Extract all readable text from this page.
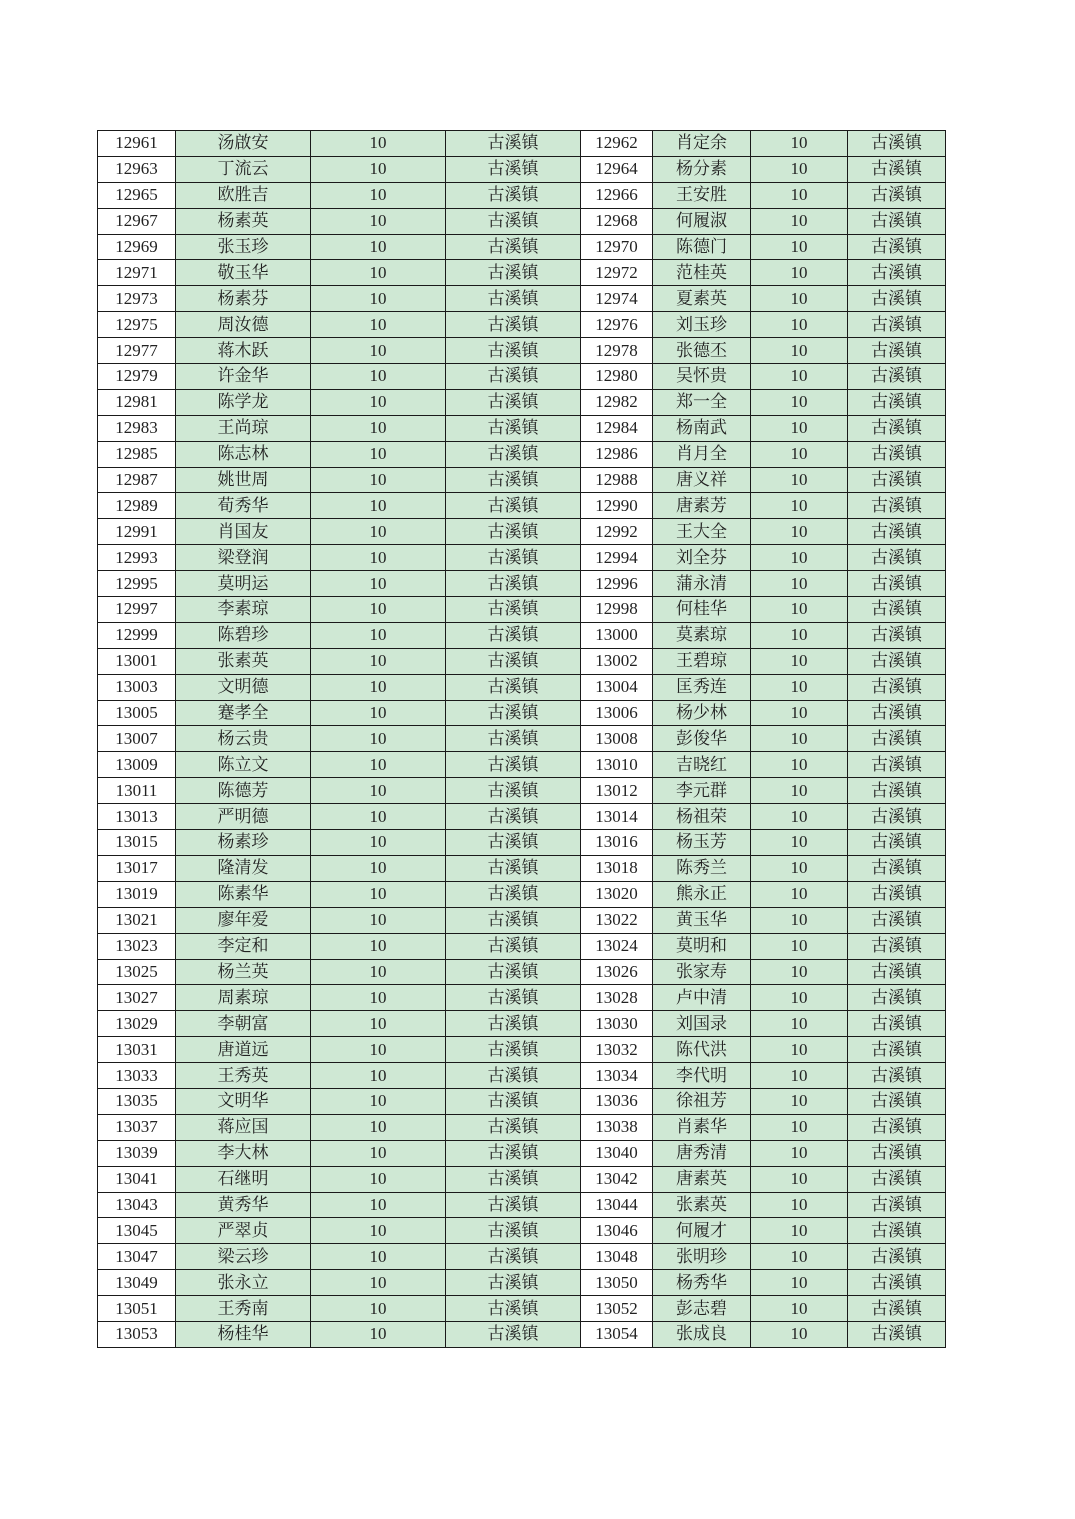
12961	汤啟安	10	古溪镇	12962	肖定余	10	古溪镇
12963	丁流云	10	古溪镇	12964	杨分素	10	古溪镇
12965	欧胜吉	10	古溪镇	12966	王安胜	10	古溪镇
12967	杨素英	10	古溪镇	12968	何履淑	10	古溪镇
12969	张玉珍	10	古溪镇	12970	陈德门	10	古溪镇
12971	敬玉华	10	古溪镇	12972	范桂英	10	古溪镇
12973	杨素芬	10	古溪镇	12974	夏素英	10	古溪镇
12975	周汝德	10	古溪镇	12976	刘玉珍	10	古溪镇
12977	蒋木跃	10	古溪镇	12978	张德丕	10	古溪镇
12979	许金华	10	古溪镇	12980	吴怀贵	10	古溪镇
12981	陈学龙	10	古溪镇	12982	郑一全	10	古溪镇
12983	王尚琼	10	古溪镇	12984	杨南武	10	古溪镇
12985	陈志林	10	古溪镇	12986	肖月全	10	古溪镇
12987	姚世周	10	古溪镇	12988	唐义祥	10	古溪镇
12989	荀秀华	10	古溪镇	12990	唐素芳	10	古溪镇
12991	肖国友	10	古溪镇	12992	王大全	10	古溪镇
12993	梁登润	10	古溪镇	12994	刘全芬	10	古溪镇
12995	莫明运	10	古溪镇	12996	蒲永清	10	古溪镇
12997	李素琼	10	古溪镇	12998	何桂华	10	古溪镇
12999	陈碧珍	10	古溪镇	13000	莫素琼	10	古溪镇
13001	张素英	10	古溪镇	13002	王碧琼	10	古溪镇
13003	文明德	10	古溪镇	13004	匡秀连	10	古溪镇
13005	蹇孝全	10	古溪镇	13006	杨少林	10	古溪镇
13007	杨云贵	10	古溪镇	13008	彭俊华	10	古溪镇
13009	陈立文	10	古溪镇	13010	吉晓红	10	古溪镇
13011	陈德芳	10	古溪镇	13012	李元群	10	古溪镇
13013	严明德	10	古溪镇	13014	杨祖荣	10	古溪镇
13015	杨素珍	10	古溪镇	13016	杨玉芳	10	古溪镇
13017	隆清发	10	古溪镇	13018	陈秀兰	10	古溪镇
13019	陈素华	10	古溪镇	13020	熊永正	10	古溪镇
13021	廖年爱	10	古溪镇	13022	黄玉华	10	古溪镇
13023	李定和	10	古溪镇	13024	莫明和	10	古溪镇
13025	杨兰英	10	古溪镇	13026	张家寿	10	古溪镇
13027	周素琼	10	古溪镇	13028	卢中清	10	古溪镇
13029	李朝富	10	古溪镇	13030	刘国录	10	古溪镇
13031	唐道远	10	古溪镇	13032	陈代洪	10	古溪镇
13033	王秀英	10	古溪镇	13034	李代明	10	古溪镇
13035	文明华	10	古溪镇	13036	徐祖芳	10	古溪镇
13037	蒋应国	10	古溪镇	13038	肖素华	10	古溪镇
13039	李大林	10	古溪镇	13040	唐秀清	10	古溪镇
13041	石继明	10	古溪镇	13042	唐素英	10	古溪镇
13043	黄秀华	10	古溪镇	13044	张素英	10	古溪镇
13045	严翠贞	10	古溪镇	13046	何履才	10	古溪镇
13047	梁云珍	10	古溪镇	13048	张明珍	10	古溪镇
13049	张永立	10	古溪镇	13050	杨秀华	10	古溪镇
13051	王秀南	10	古溪镇	13052	彭志碧	10	古溪镇
13053	杨桂华	10	古溪镇	13054	张成良	10	古溪镇
